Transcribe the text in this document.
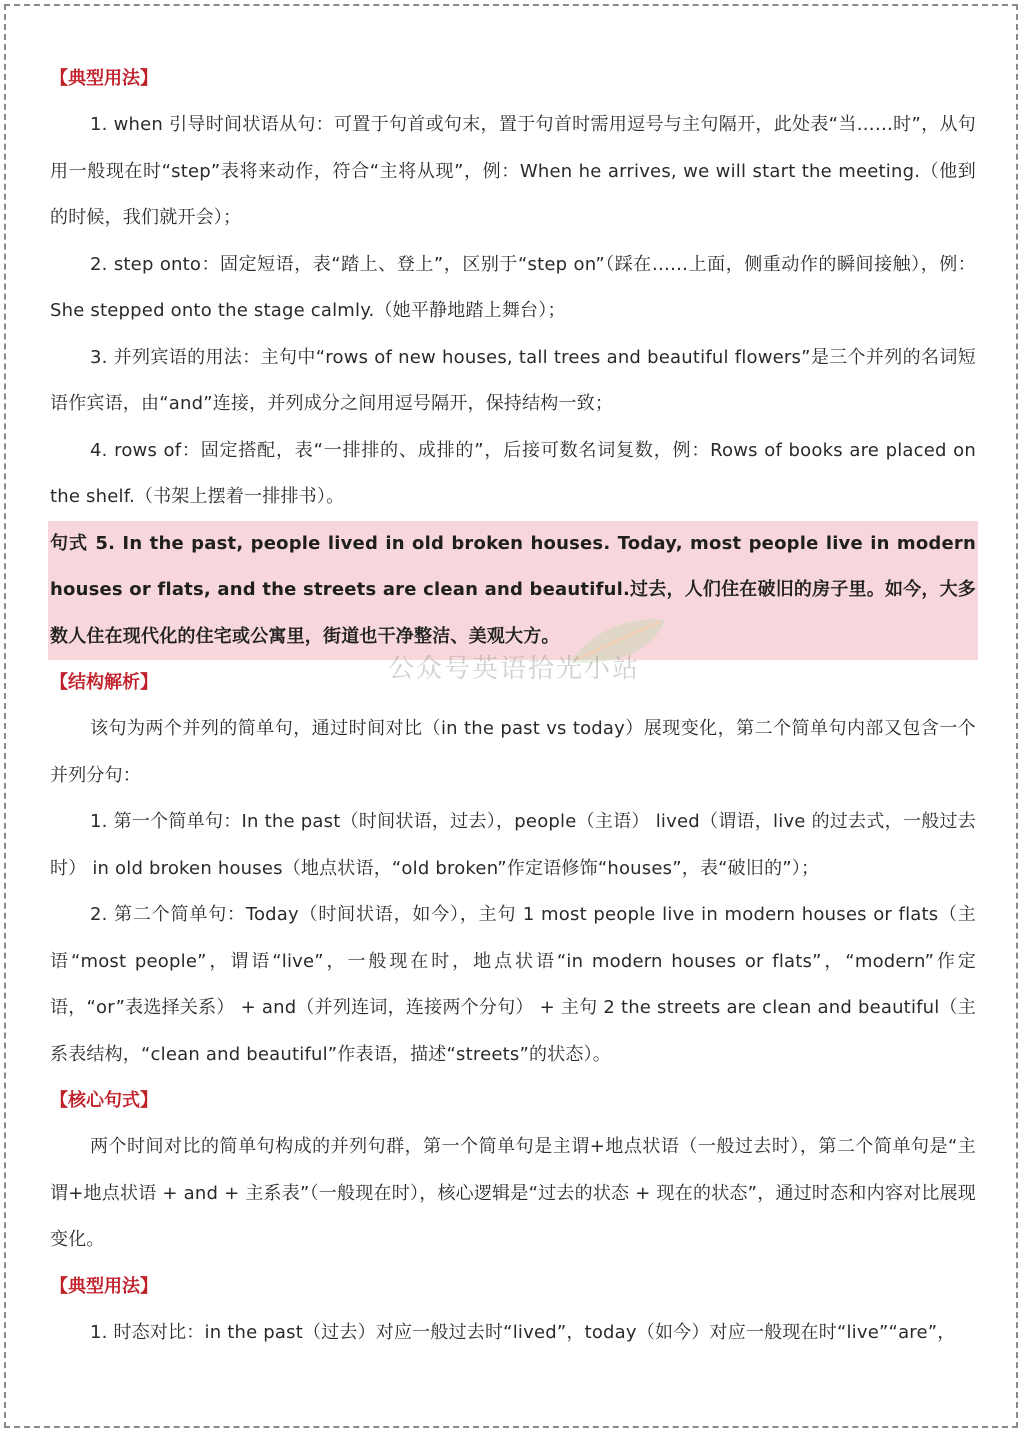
【典型用法】

1. when 引导时间状语从句：可置于句首或句末，置于句首时需用逗号与主句隔开，此处表“当……时”，从句用一般现在时“step”表将来动作，符合“主将从现”，例：When he arrives, we will start the meeting.（他到的时候，我们就开会）；

2. step onto：固定短语，表“踏上、登上”，区别于“step on”（踩在……上面，侧重动作的瞬间接触），例：She stepped onto the stage calmly.（她平静地踏上舞台）；

3. 并列宾语的用法：主句中“rows of new houses, tall trees and beautiful flowers”是三个并列的名词短语作宾语，由“and”连接，并列成分之间用逗号隔开，保持结构一致；

4. rows of：固定搭配，表“一排排的、成排的”，后接可数名词复数，例：Rows of books are placed on the shelf.（书架上摆着一排排书）。

句式 5. In the past, people lived in old broken houses. Today, most people live in modern houses or flats, and the streets are clean and beautiful.过去，人们住在破旧的房子里。如今，大多数人住在现代化的住宅或公寓里，街道也干净整洁、美观大方。

【结构解析】

该句为两个并列的简单句，通过时间对比（in the past vs today）展现变化，第二个简单句内部又包含一个并列分句：

1. 第一个简单句：In the past（时间状语，过去），people（主语） lived（谓语，live 的过去式，一般过去时） in old broken houses（地点状语，“old broken”作定语修饰“houses”，表“破旧的”）；

2. 第二个简单句：Today（时间状语，如今），主句 1 most people live in modern houses or flats（主语“most people”，谓语“live”，一般现在时，地点状语“in modern houses or flats”，“modern”作定语，“or”表选择关系） + and（并列连词，连接两个分句） + 主句 2 the streets are clean and beautiful（主系表结构，“clean and beautiful”作表语，描述“streets”的状态）。

【核心句式】

两个时间对比的简单句构成的并列句群，第一个简单句是主谓+地点状语（一般过去时），第二个简单句是“主谓+地点状语 + and + 主系表”（一般现在时），核心逻辑是“过去的状态 + 现在的状态”，通过时态和内容对比展现变化。

【典型用法】

1. 时态对比：in the past（过去）对应一般过去时“lived”，today（如今）对应一般现在时“live”“are”，

公众号英语拾光小站
